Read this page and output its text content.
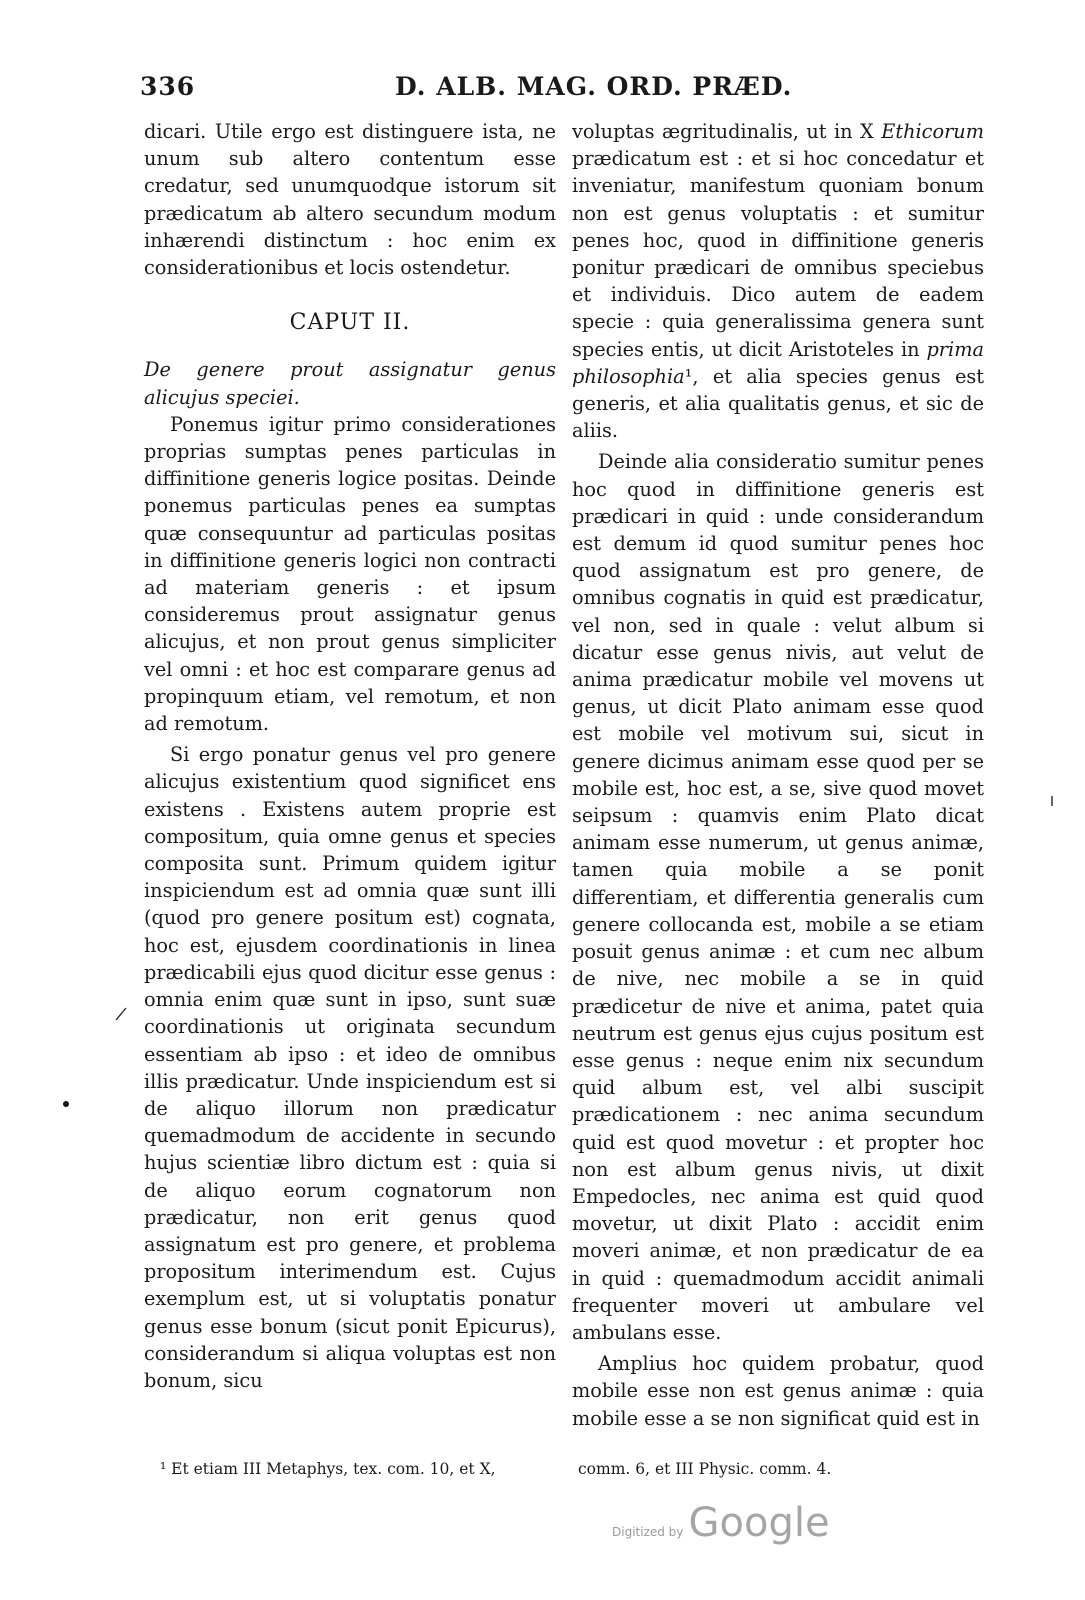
336	D. ALB. MAG. ORD. PRÆD.

dicari. Utile ergo est distinguere ista, ne unum sub altero contentum esse credatur, sed unumquodque istorum sit prædicatum ab altero secundum modum inhærendi distinctum : hoc enim ex considerationibus et locis ostendetur.

CAPUT II.

De genere prout assignatur genus alicujus speciei.

Ponemus igitur primo considerationes proprias sumptas penes particulas in diffinitione generis logice positas. Deinde ponemus particulas penes ea sumptas quæ consequuntur ad particulas positas in diffinitione generis logici non contracti ad materiam generis : et ipsum consideremus prout assignatur genus alicujus, et non prout genus simpliciter vel omni : et hoc est comparare genus ad propinquum etiam, vel remotum, et non ad remotum.

Si ergo ponatur genus vel pro genere alicujus existentium quod significet ens existens . Existens autem proprie est compositum, quia omne genus et species composita sunt. Primum quidem igitur inspiciendum est ad omnia quæ sunt illi (quod pro genere positum est) cognata, hoc est, ejusdem coordinationis in linea prædicabili ejus quod dicitur esse genus : omnia enim quæ sunt in ipso, sunt suæ coordinationis ut originata secundum essentiam ab ipso : et ideo de omnibus illis prædicatur. Unde inspiciendum est si de aliquo illorum non prædicatur quemadmodum de accidente in secundo hujus scientiæ libro dictum est : quia si de aliquo eorum cognatorum non prædicatur, non erit genus quod assignatum est pro genere, et problema propositum interimendum est. Cujus exemplum est, ut si voluptatis ponatur genus esse bonum (sicut ponit Epicurus), considerandum si aliqua voluptas est non bonum, sicu

voluptas ægritudinalis, ut in X Ethicorum prædicatum est : et si hoc concedatur et inveniatur, manifestum quoniam bonum non est genus voluptatis : et sumitur penes hoc, quod in diffinitione generis ponitur prædicari de omnibus speciebus et individuis. Dico autem de eadem specie : quia generalissima genera sunt species entis, ut dicit Aristoteles in prima philosophia¹, et alia species genus est generis, et alia qualitatis genus, et sic de aliis.

Deinde alia consideratio sumitur penes hoc quod in diffinitione generis est prædicari in quid : unde considerandum est demum id quod sumitur penes hoc quod assignatum est pro genere, de omnibus cognatis in quid est prædicatur, vel non, sed in quale : velut album si dicatur esse genus nivis, aut velut de anima prædicatur mobile vel movens ut genus, ut dicit Plato animam esse quod est mobile vel motivum sui, sicut in genere dicimus animam esse quod per se mobile est, hoc est, a se, sive quod movet seipsum : quamvis enim Plato dicat animam esse numerum, ut genus animæ, tamen quia mobile a se ponit differentiam, et differentia generalis cum genere collocanda est, mobile a se etiam posuit genus animæ : et cum nec album de nive, nec mobile a se in quid prædicetur de nive et anima, patet quia neutrum est genus ejus cujus positum est esse genus : neque enim nix secundum quid album est, vel albi suscipit prædicationem : nec anima secundum quid est quod movetur : et propter hoc non est album genus nivis, ut dixit Empedocles, nec anima est quid quod movetur, ut dixit Plato : accidit enim moveri animæ, et non prædicatur de ea in quid : quemadmodum accidit animali frequenter moveri ut ambulare vel ambulans esse.

Amplius hoc quidem probatur, quod mobile esse non est genus animæ : quia mobile esse a se non significat quid est in

¹ Et etiam III Metaphys, tex. com. 10, et X,	comm. 6, et III Physic. comm. 4.
Digitized by Google
